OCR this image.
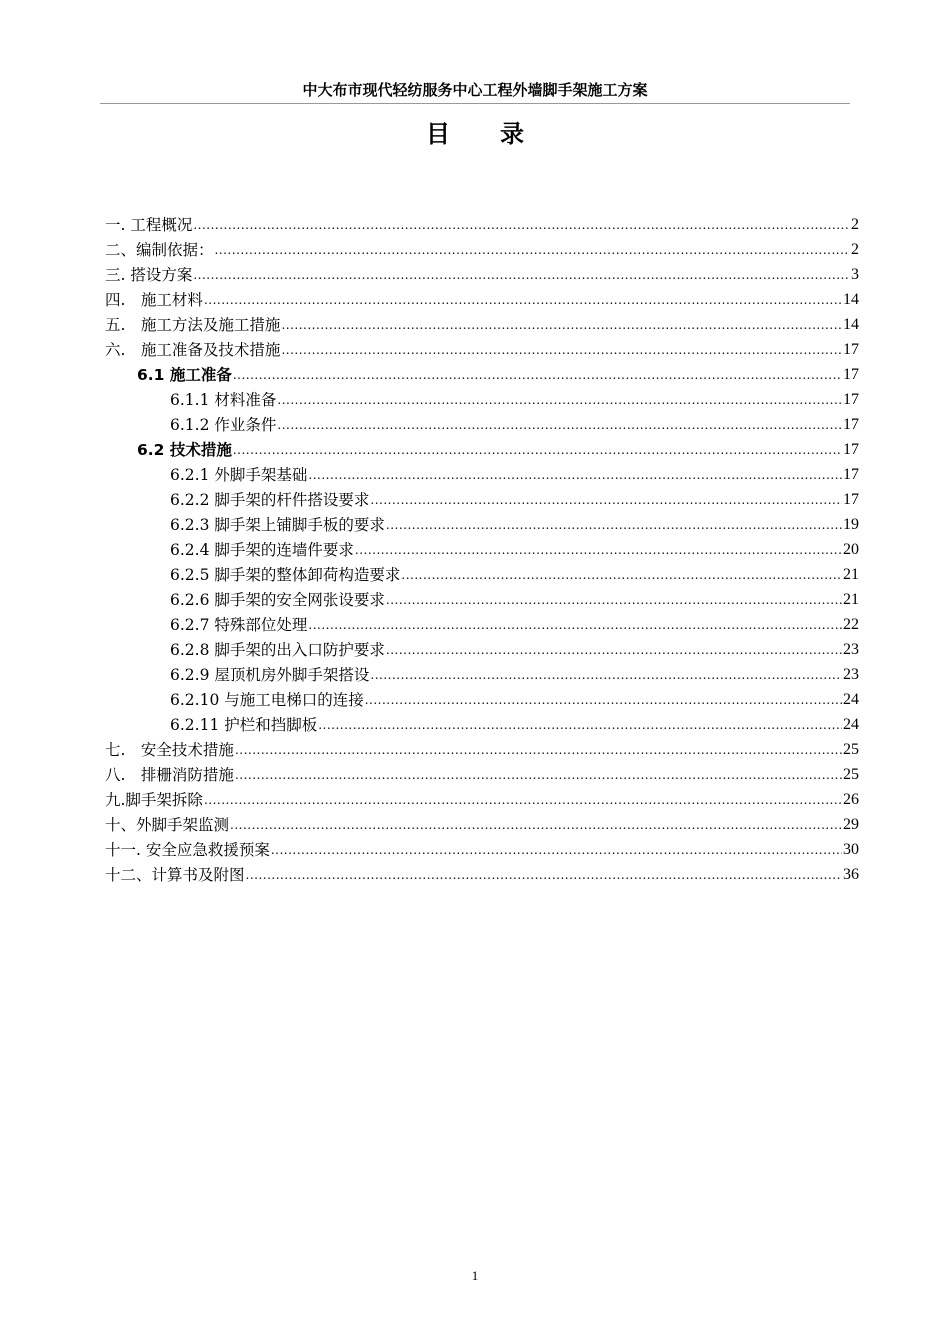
中大布市现代轻纺服务中心工程外墙脚手架施工方案
目录
一. 工程概况 .....	2
二、编制依据： .....	2
三. 搭设方案 .....	3
四.　施工材料 .....	14
五.　施工方法及施工措施 .....	14
六.　施工准备及技术措施 .....	17
6.1 施工准备 .....	17
6.1.1 材料准备 .....	17
6.1.2 作业条件 .....	17
6.2 技术措施 .....	17
6.2.1 外脚手架基础 .....	17
6.2.2 脚手架的杆件搭设要求 .....	17
6.2.3 脚手架上铺脚手板的要求 .....	19
6.2.4 脚手架的连墙件要求 .....	20
6.2.5 脚手架的整体卸荷构造要求 .....	21
6.2.6 脚手架的安全网张设要求 .....	21
6.2.7 特殊部位处理 .....	22
6.2.8 脚手架的出入口防护要求 .....	23
6.2.9 屋顶机房外脚手架搭设 .....	23
6.2.10 与施工电梯口的连接 .....	24
6.2.11 护栏和挡脚板 .....	24
七.　安全技术措施 .....	25
八.　排栅消防措施 .....	25
九.脚手架拆除 .....	26
十、外脚手架监测 .....	29
十一. 安全应急救援预案 .....	30
十二、计算书及附图 .....	36
1
